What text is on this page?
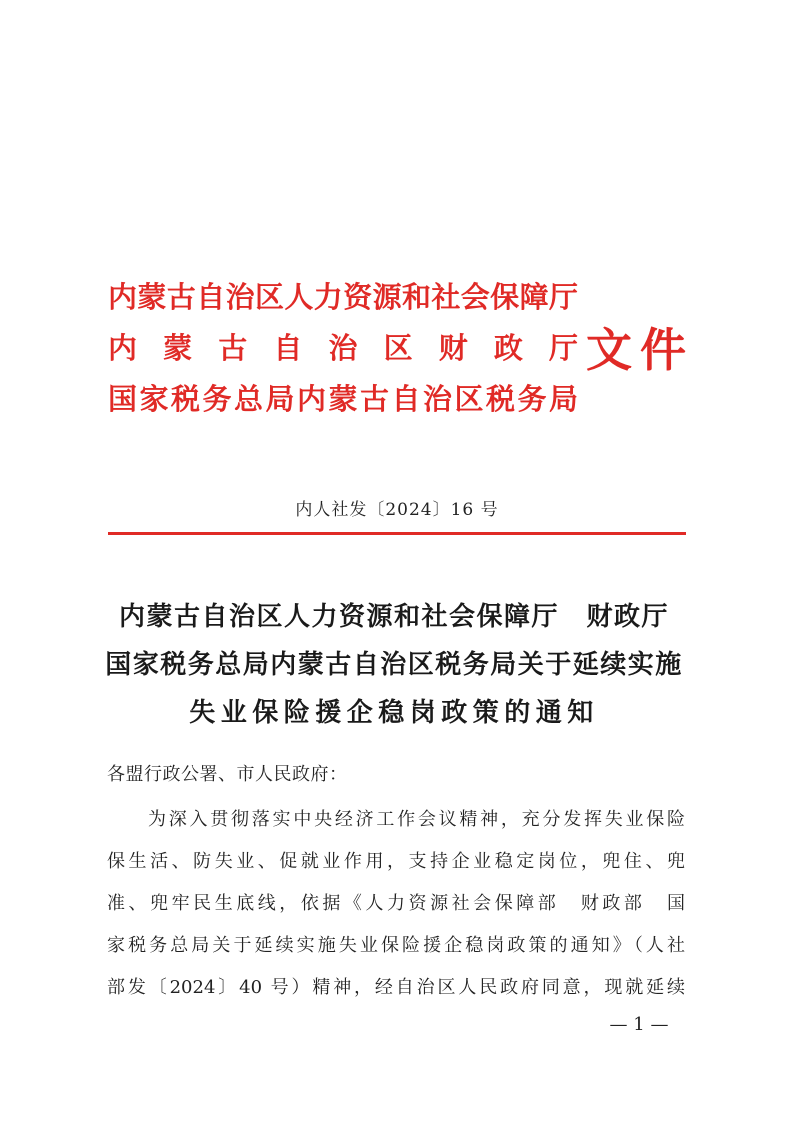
内蒙古自治区人力资源和社会保障厅
内 蒙 古 自 治 区 财 政 厅
国家税务总局内蒙古自治区税务局
文件
内人社发〔2024〕16 号
内蒙古自治区人力资源和社会保障厅　财政厅
国家税务总局内蒙古自治区税务局关于延续实施
失业保险援企稳岗政策的通知
各盟行政公署、市人民政府：
为深入贯彻落实中央经济工作会议精神，充分发挥失业保险
保生活、防失业、促就业作用，支持企业稳定岗位，兜住、兜
准、兜牢民生底线，依据《人力资源社会保障部　财政部　国
家税务总局关于延续实施失业保险援企稳岗政策的通知》（人社
部发〔2024〕40 号）精神，经自治区人民政府同意，现就延续
— 1 —
